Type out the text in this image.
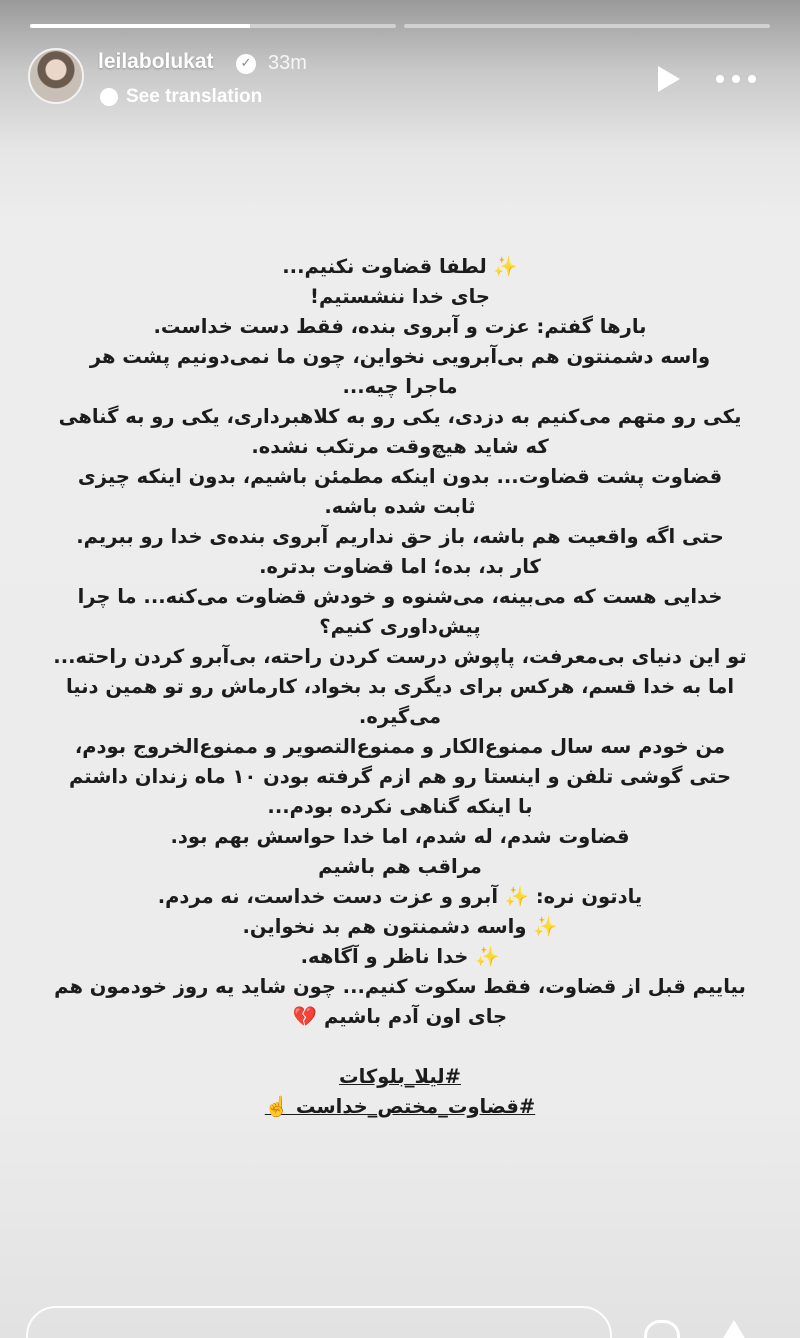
leilabolukat	✓ 33m
See translation
✨ لطفا قضاوت نکنیم...
جای خدا ننشستیم!
بارها گفتم: عزت و آبروی بنده، فقط دست خداست.
واسه دشمنتون هم بی‌آبرویی نخواین، چون ما نمی‌دونیم پشت هر
ماجرا چیه...
یکی رو متهم می‌کنیم به دزدی، یکی رو به کلاهبرداری، یکی رو به گناهی
که شاید هیچ‌وقت مرتکب نشده.
قضاوت پشت قضاوت... بدون اینکه مطمئن باشیم، بدون اینکه چیزی
ثابت شده باشه.
حتی اگه واقعیت هم باشه، باز حق نداریم آبروی بنده‌ی خدا رو ببریم.
کار بد، بده؛ اما قضاوت بدتره.
خدایی هست که می‌بینه، می‌شنوه و خودش قضاوت می‌کنه... ما چرا
پیش‌داوری کنیم؟
تو این دنیای بی‌معرفت، پاپوش درست کردن راحته، بی‌آبرو کردن راحته...
اما به خدا قسم، هرکس برای دیگری بد بخواد، کارماش رو تو همین دنیا
می‌گیره.
من خودم سه سال ممنوع‌الکار و ممنوع‌التصویر و ممنوع‌الخروج بودم،
حتی گوشی تلفن و اینستا رو هم ازم گرفته بودن ۱۰ ماه زندان داشتم
با اینکه گناهی نکرده بودم...
قضاوت شدم، له شدم، اما خدا حواسش بهم بود.
مراقب هم باشیم
یادتون نره: ✨ آبرو و عزت دست خداست، نه مردم.
✨ واسه دشمنتون هم بد نخواین.
✨ خدا ناظر و آگاهه.
بیاییم قبل از قضاوت، فقط سکوت کنیم... چون شاید یه روز خودمون هم
جای اون آدم باشیم 💔
#لیلا_بلوکات
#قضاوت_مختص_خداست ☝️
